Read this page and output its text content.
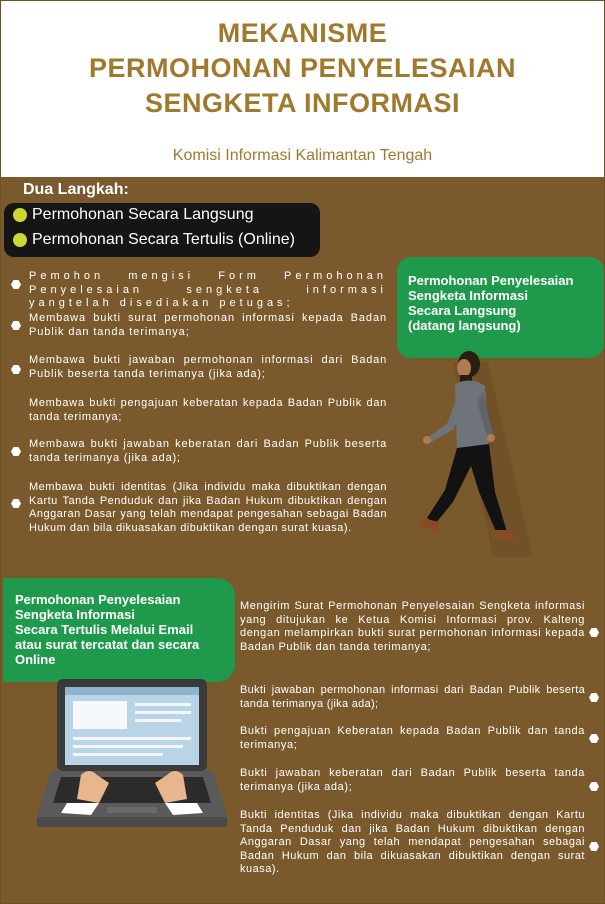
MEKANISME
PERMOHONAN PENYELESAIAN
SENGKETA INFORMASI
Komisi Informasi Kalimantan Tengah
Dua Langkah:
Permohonan Secara Langsung
Permohonan Secara Tertulis (Online)
Pemohon mengisi Form Permohonan Penyelesaian sengketa informasi yangtelah disediakan petugas;
Membawa bukti surat permohonan informasi kepada Badan Publik dan tanda terimanya;
Membawa bukti jawaban permohonan informasi dari Badan Publik beserta tanda terimanya (jika ada);
Membawa bukti pengajuan keberatan kepada Badan Publik dan tanda terimanya;
Membawa bukti jawaban keberatan dari Badan Publik beserta tanda terimanya (jika ada);
Membawa bukti identitas (Jika individu maka dibuktikan dengan Kartu Tanda Penduduk dan jika Badan Hukum dibuktikan dengan Anggaran Dasar yang telah mendapat pengesahan sebagai Badan Hukum dan bila dikuasakan dibuktikan dengan surat kuasa).
Permohonan Penyelesaian
Sengketa Informasi
Secara Langsung
(datang langsung)
Permohonan Penyelesaian
Sengketa Informasi
Secara Tertulis Melalui Email
atau surat tercatat dan secara
Online
Mengirim Surat Permohonan Penyelesaian Sengketa informasi yang ditujukan ke Ketua Komisi Informasi prov. Kalteng dengan melampirkan bukti surat permohonan informasi kepada Badan Publik dan tanda terimanya;
Bukti jawaban permohonan informasi dari Badan Publik beserta tanda terimanya (jika ada);
Bukti pengajuan Keberatan kepada Badan Publik dan tanda terimanya;
Bukti jawaban keberatan dari Badan Publik beserta tanda terimanya (jika ada);
Bukti identitas (Jika individu maka dibuktikan dengan Kartu Tanda Penduduk dan jika Badan Hukum dibuktikan dengan Anggaran Dasar yang telah mendapat pengesahan sebagai Badan Hukum dan bila dikuasakan dibuktikan dengan surat kuasa).
